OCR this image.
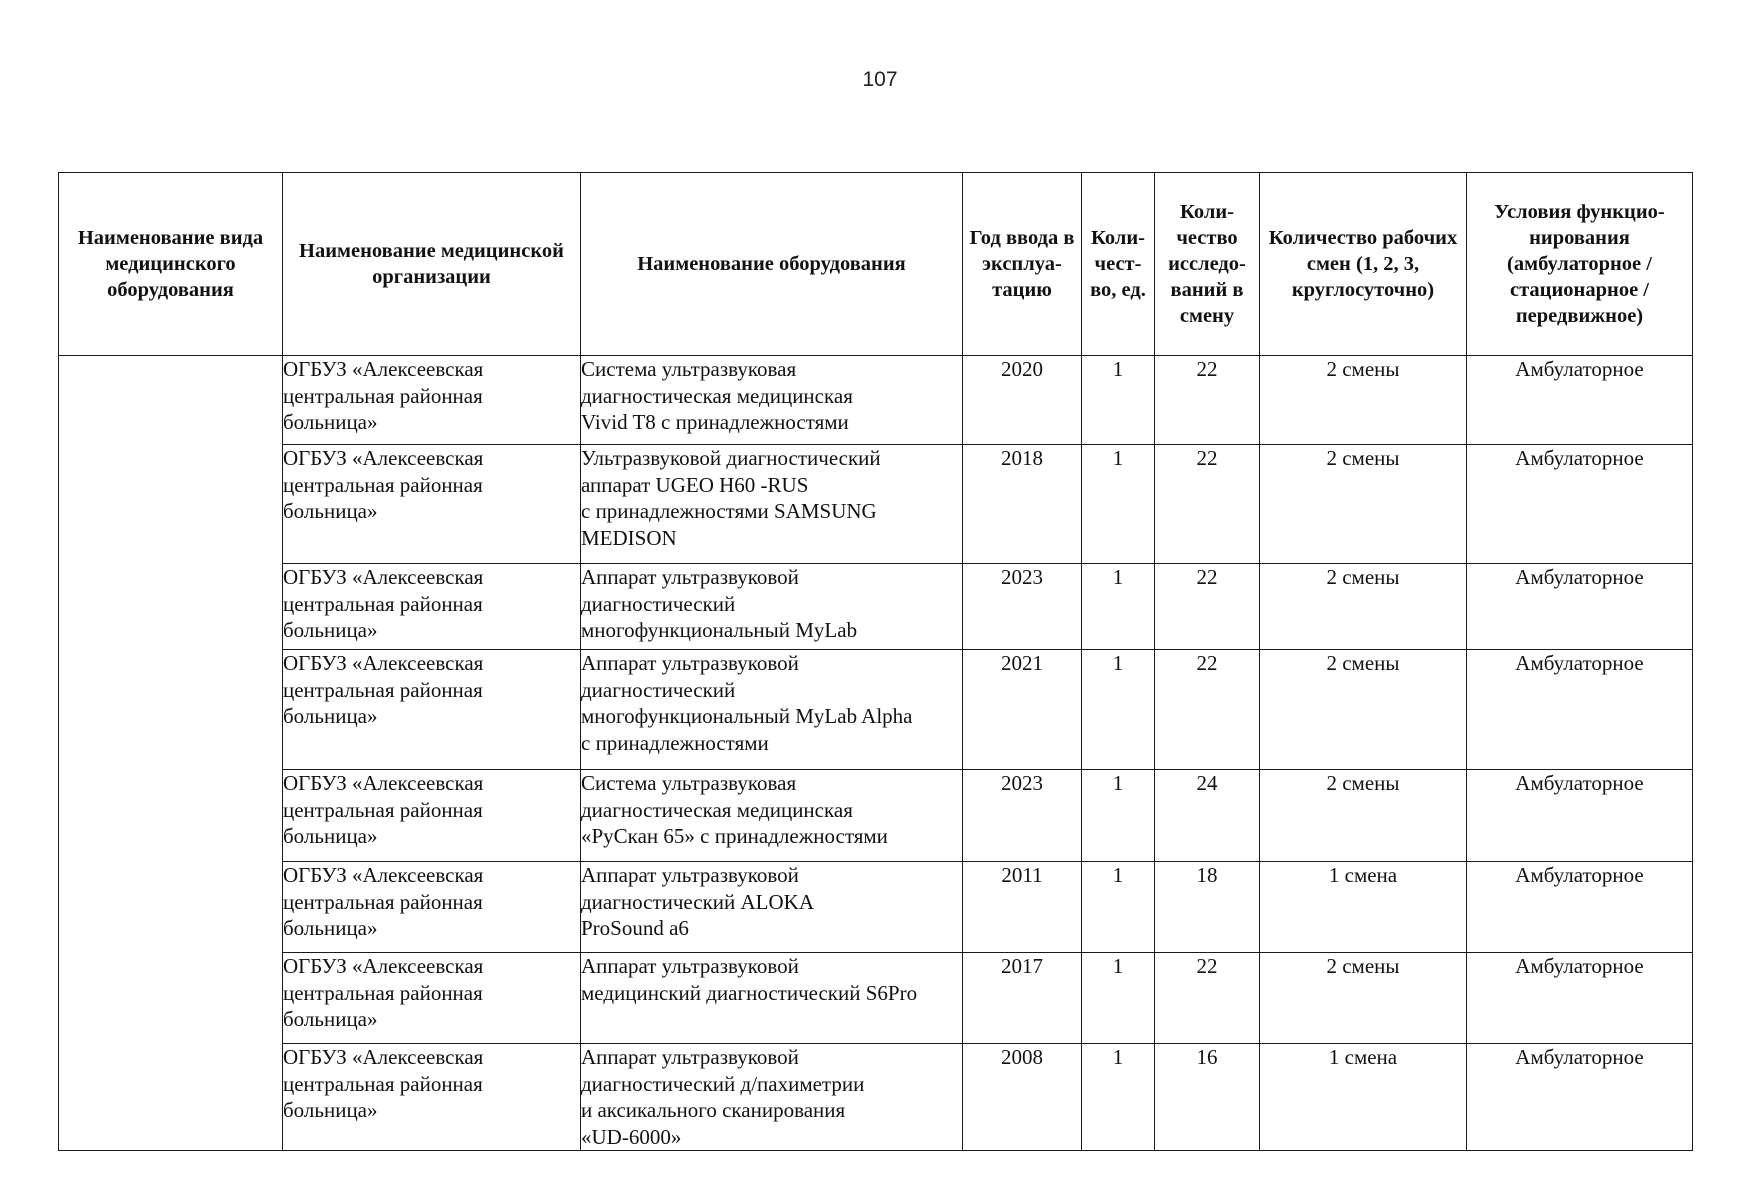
107
Наименование вида медицинского оборудования	Наименование медицинской организации	Наименование оборудования	Год ввода в эксплуа-тацию	Коли-чест-во, ед.	Коли-чество исследо-ваний в смену	Количество рабочих смен (1, 2, 3, круглосуточно)	Условия функцио-нирования (амбулаторное / стационарное / передвижное)

	ОГБУЗ «Алексеевская
центральная районная
больница»	Система ультразвуковая
диагностическая медицинская
Vivid T8 с принадлежностями	2020	1	22	2 смены	Амбулаторное

	ОГБУЗ «Алексеевская
центральная районная
больница»	Ультразвуковой диагностический
аппарат UGEO H60 -RUS
с принадлежностями SAMSUNG
MEDISON	2018	1	22	2 смены	Амбулаторное

	ОГБУЗ «Алексеевская
центральная районная
больница»	Аппарат ультразвуковой
диагностический
многофункциональный MyLab	2023	1	22	2 смены	Амбулаторное

	ОГБУЗ «Алексеевская
центральная районная
больница»	Аппарат ультразвуковой
диагностический
многофункциональный MyLab Alpha
с принадлежностями	2021	1	22	2 смены	Амбулаторное

	ОГБУЗ «Алексеевская
центральная районная
больница»	Система ультразвуковая
диагностическая медицинская
«РуСкан 65» с принадлежностями	2023	1	24	2 смены	Амбулаторное

	ОГБУЗ «Алексеевская
центральная районная
больница»	Аппарат ультразвуковой
диагностический ALOKA
ProSound a6	2011	1	18	1 смена	Амбулаторное

	ОГБУЗ «Алексеевская
центральная районная
больница»	Аппарат ультразвуковой
медицинский диагностический S6Pro	2017	1	22	2 смены	Амбулаторное

	ОГБУЗ «Алексеевская
центральная районная
больница»	Аппарат ультразвуковой
диагностический д/пахиметрии
и аксикального сканирования
«UD-6000»	2008	1	16	1 смена	Амбулаторное
